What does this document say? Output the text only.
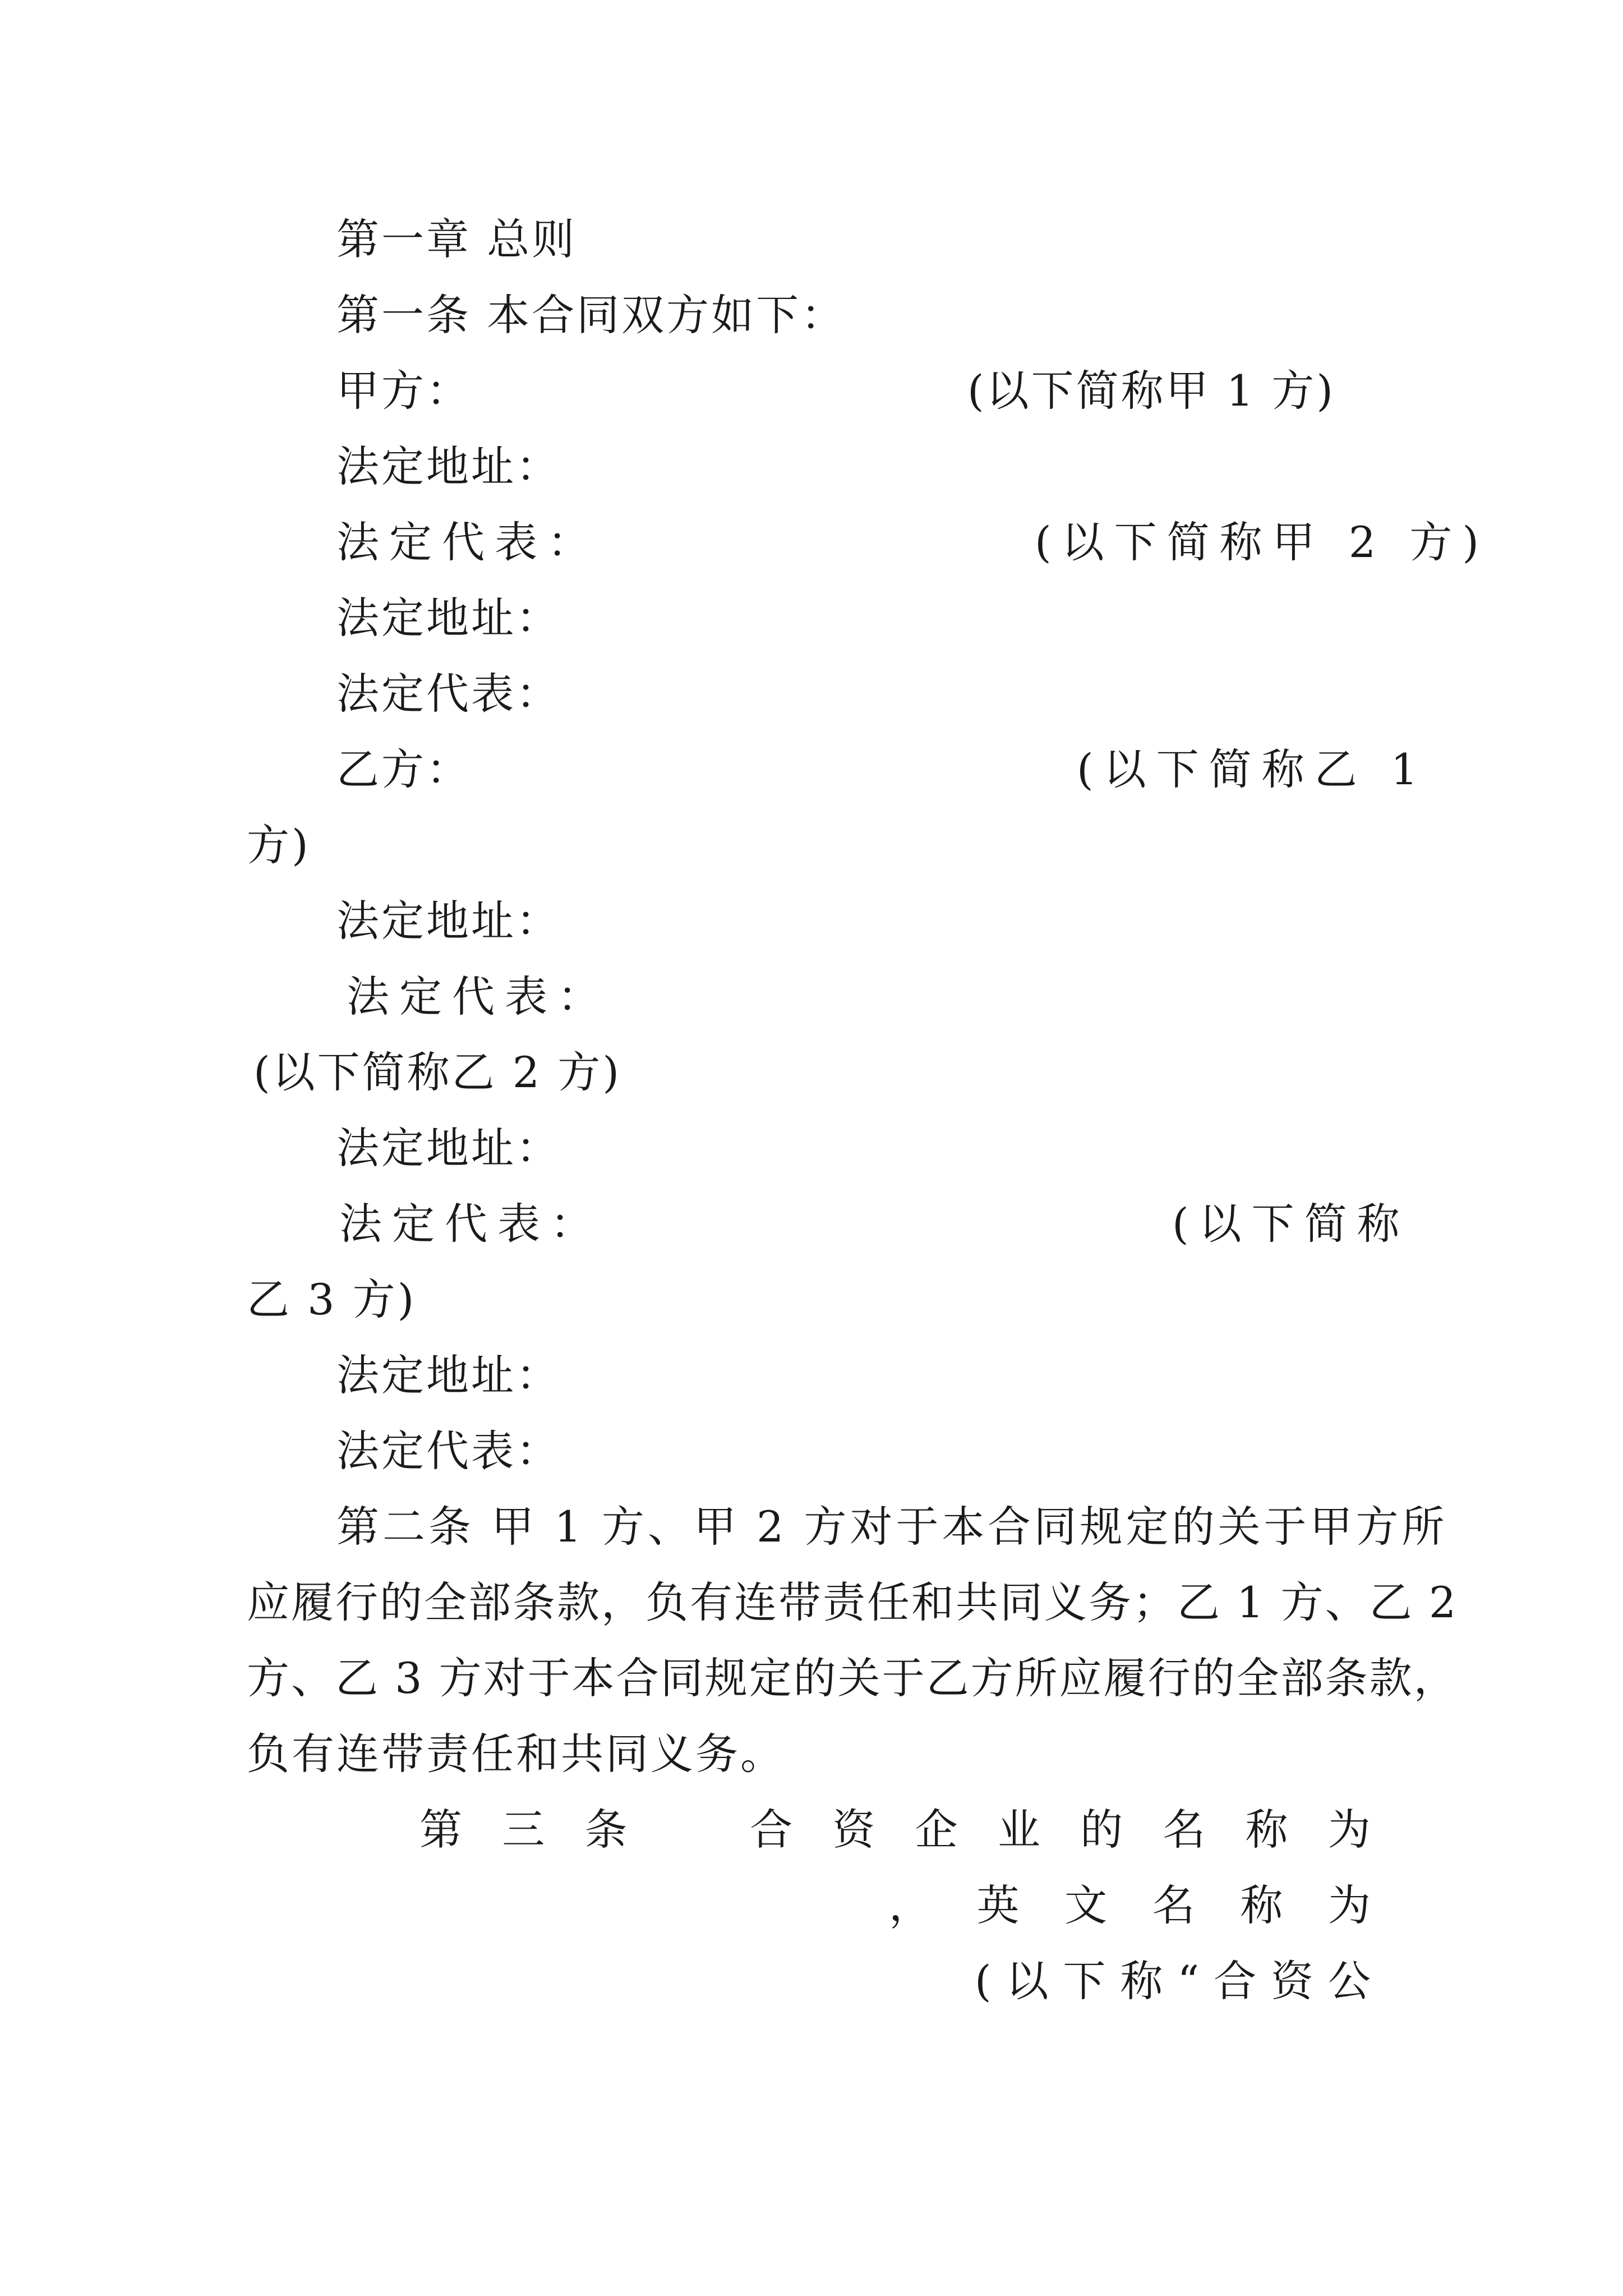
第一章 总则
第一条 本合同双方如下：
甲方：	(以下简称甲 1 方)
法定地址：
法定代表：	(以下简称甲 2 方)
法定地址：
法定代表：
乙方：	(以下简称乙 1
方)
法定地址：
法定代表：
(以下简称乙 2 方)
法定地址：
法定代表：	(以下简称
乙 3 方)
法定地址：
法定代表：
第二条 甲 1 方、甲 2 方对于本合同规定的关于甲方所
应履行的全部条款，负有连带责任和共同义务；乙 1 方、乙 2
方、乙 3 方对于本合同规定的关于乙方所应履行的全部条款，
负有连带责任和共同义务。
第 三 条	合 资 企 业 的 名 称 为
， 英 文 名 称 为
( 以 下 称 “ 合 资 公
